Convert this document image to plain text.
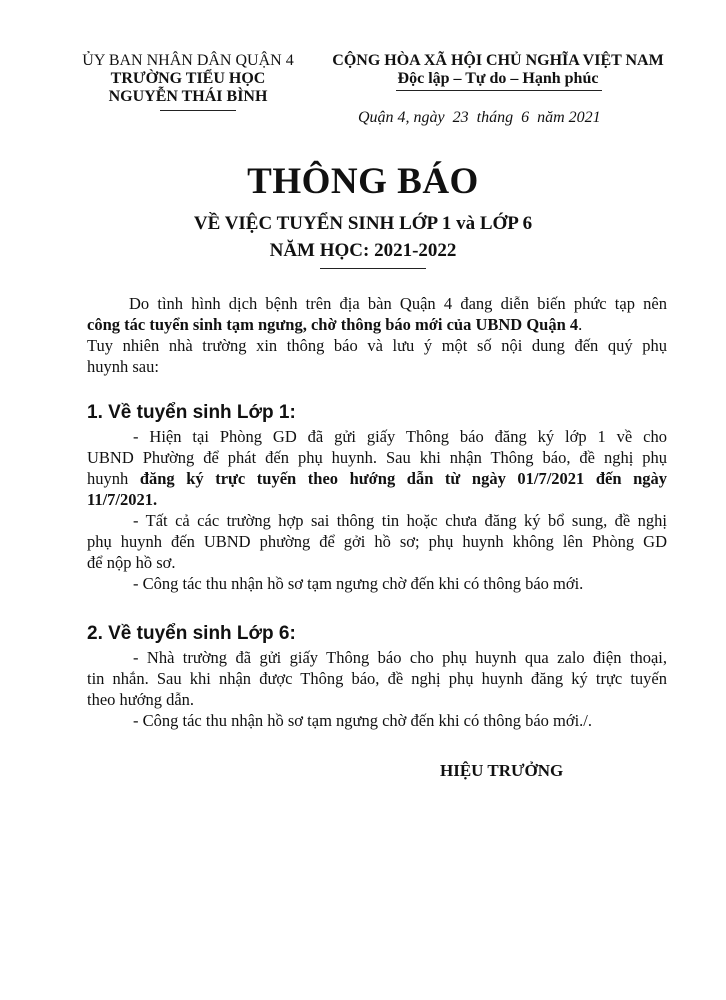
ỦY BAN NHÂN DÂN QUẬN 4
TRƯỜNG TIỂU HỌC
NGUYỄN THÁI BÌNH
CỘNG HÒA XÃ HỘI CHỦ NGHĨA VIỆT NAM
Độc lập – Tự do – Hạnh phúc
Quận 4, ngày  23  tháng  6  năm 2021
THÔNG BÁO
VỀ VIỆC TUYỂN SINH LỚP 1 và LỚP 6
NĂM HỌC: 2021-2022
Do tình hình dịch bệnh trên địa bàn Quận 4 đang diễn biến phức tạp nên
công tác tuyển sinh tạm ngưng, chờ thông báo mới của UBND Quận 4.
Tuy nhiên nhà trường xin thông báo và lưu ý một số nội dung đến quý phụ
huynh sau:
1. Về tuyển sinh Lớp 1:
- Hiện tại Phòng GD đã gửi giấy Thông báo đăng ký lớp 1 về cho
UBND Phường để phát đến phụ huynh. Sau khi nhận Thông báo, đề nghị phụ
huynh đăng ký trực tuyến theo hướng dẫn từ ngày 01/7/2021 đến ngày
11/7/2021.
- Tất cả các trường hợp sai thông tin hoặc chưa đăng ký bổ sung, đề nghị
phụ huynh đến UBND phường để gởi hồ sơ; phụ huynh không lên Phòng GD
để nộp hồ sơ.
- Công tác thu nhận hồ sơ tạm ngưng chờ đến khi có thông báo mới.
2. Về tuyển sinh Lớp 6:
- Nhà trường đã gửi giấy Thông báo cho phụ huynh qua zalo điện thoại,
tin nhắn. Sau khi nhận được Thông báo, đề nghị phụ huynh đăng ký trực tuyến
theo hướng dẫn.
- Công tác thu nhận hồ sơ tạm ngưng chờ đến khi có thông báo mới./.
HIỆU TRƯỞNG
